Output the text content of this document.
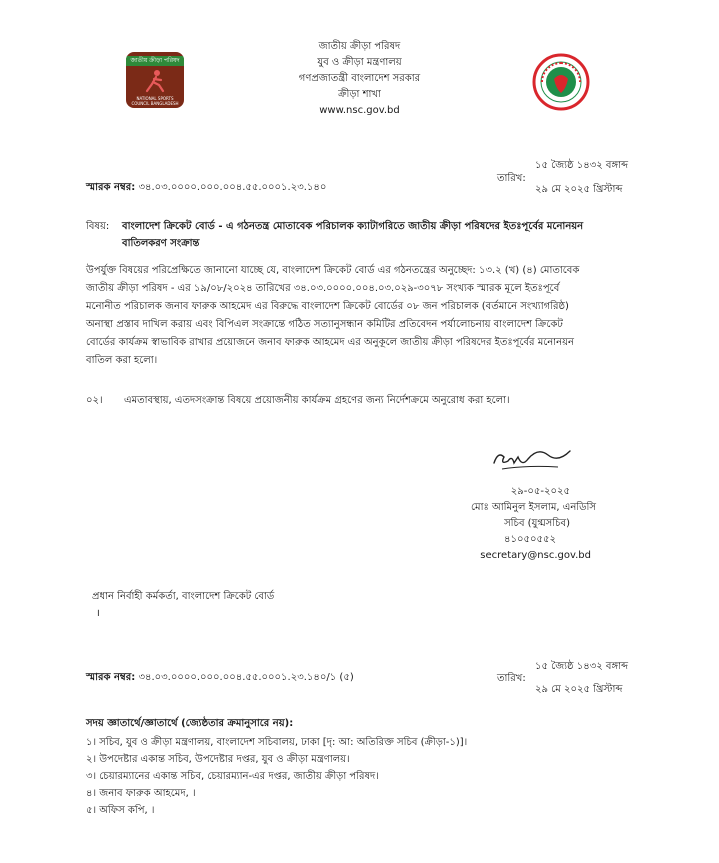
জাতীয় ক্রীড়া পরিষদ
NATIONAL SPORTS COUNCIL BANGLADESH
জাতীয় ক্রীড়া পরিষদ
যুব ও ক্রীড়া মন্ত্রণালয়
গণপ্রজাতন্ত্রী বাংলাদেশ সরকার
ক্রীড়া শাখা
www.nsc.gov.bd
স্মারক নম্বর: ৩৪.০৩.০০০০.০০০.০০৪.৫৫.০০০১.২৩.১৪০
তারিখ:
১৫ জ্যৈষ্ঠ ১৪৩২ বঙ্গাব্দ
২৯ মে ২০২৫ খ্রিস্টাব্দ
বিষয়: বাংলাদেশ ক্রিকেট বোর্ড - এ গঠনতন্ত্র মোতাবেক পরিচালক ক্যাটাগরিতে জাতীয় ক্রীড়া পরিষদের ইতঃপূর্বের মনোনয়ন
বাতিলকরণ সংক্রান্ত
উপর্যুক্ত বিষয়ের পরিপ্রেক্ষিতে জানানো যাচ্ছে যে, বাংলাদেশ ক্রিকেট বোর্ড এর গঠনতন্ত্রের অনুচ্ছেদ: ১৩.২ (খ) (৪) মোতাবেক
জাতীয় ক্রীড়া পরিষদ - এর ১৯/০৮/২০২৪ তারিখের ৩৪.০৩.০০০০.০০৪.০৩.০২৯-৩০৭৮ সংখ্যক স্মারক মূলে ইতঃপূর্বে
মনোনীত পরিচালক জনাব ফারুক আহমেদ এর বিরুদ্ধে বাংলাদেশ ক্রিকেট বোর্ডের ০৮ জন পরিচালক (বর্তমানে সংখ্যাগরিষ্ঠ)
অনাস্থা প্রস্তাব দাখিল করায় এবং বিপিএল সংক্রান্তে গঠিত সত্যানুসন্ধান কমিটির প্রতিবেদন পর্যালোচনায় বাংলাদেশ ক্রিকেট
বোর্ডের কার্যক্রম স্বাভাবিক রাখার প্রয়োজনে জনাব ফারুক আহমেদ এর অনুকূলে জাতীয় ক্রীড়া পরিষদের ইতঃপূর্বের মনোনয়ন
বাতিল করা হলো।
০২। এমতাবস্থায়, এতদসংক্রান্ত বিষয়ে প্রয়োজনীয় কার্যক্রম গ্রহণের জন্য নির্দেশক্রমে অনুরোধ করা হলো।
২৯-০৫-২০২৫
মোঃ আমিনুল ইসলাম, এনডিসি
সচিব (যুগ্মসচিব)
৪১০৫০৫৫২
secretary@nsc.gov.bd
প্রধান নির্বাহী কর্মকর্তা, বাংলাদেশ ক্রিকেট বোর্ড
।
স্মারক নম্বর: ৩৪.০৩.০০০০.০০০.০০৪.৫৫.০০০১.২৩.১৪০/১ (৫)	তারিখ:
১৫ জ্যৈষ্ঠ ১৪৩২ বঙ্গাব্দ
২৯ মে ২০২৫ খ্রিস্টাব্দ
সদয় জ্ঞাতার্থে/জ্ঞাতার্থে (জ্যেষ্ঠতার ক্রমানুসারে নয়):
১। সচিব, যুব ও ক্রীড়া মন্ত্রণালয়, বাংলাদেশ সচিবালয়, ঢাকা [দৃ: আ: অতিরিক্ত সচিব (ক্রীড়া-১)]।
২। উপদেষ্টার একান্ত সচিব, উপদেষ্টার দপ্তর, যুব ও ক্রীড়া মন্ত্রণালয়।
৩। চেয়ারম্যানের একান্ত সচিব, চেয়ারম্যান-এর দপ্তর, জাতীয় ক্রীড়া পরিষদ।
৪। জনাব ফারুক আহমেদ, ।
৫। অফিস কপি, ।
